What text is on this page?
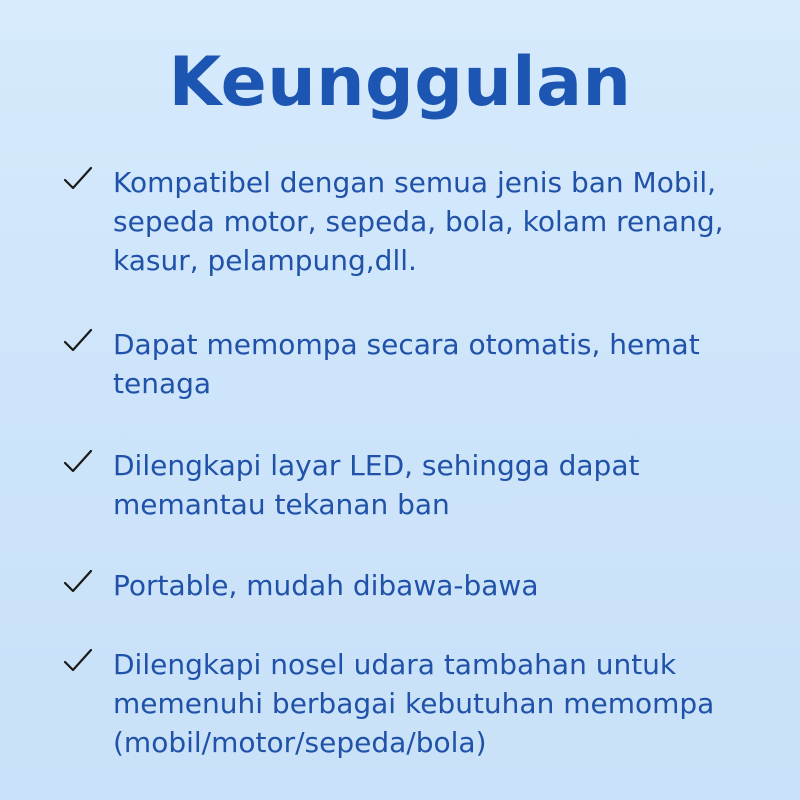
Keunggulan
Kompatibel dengan semua jenis ban Mobil, sepeda motor, sepeda, bola, kolam renang, kasur, pelampung,dll.
Dapat memompa secara otomatis, hemat tenaga
Dilengkapi layar LED, sehingga dapat memantau tekanan ban
Portable, mudah dibawa-bawa
Dilengkapi nosel udara tambahan untuk memenuhi berbagai kebutuhan memompa (mobil/motor/sepeda/bola)
